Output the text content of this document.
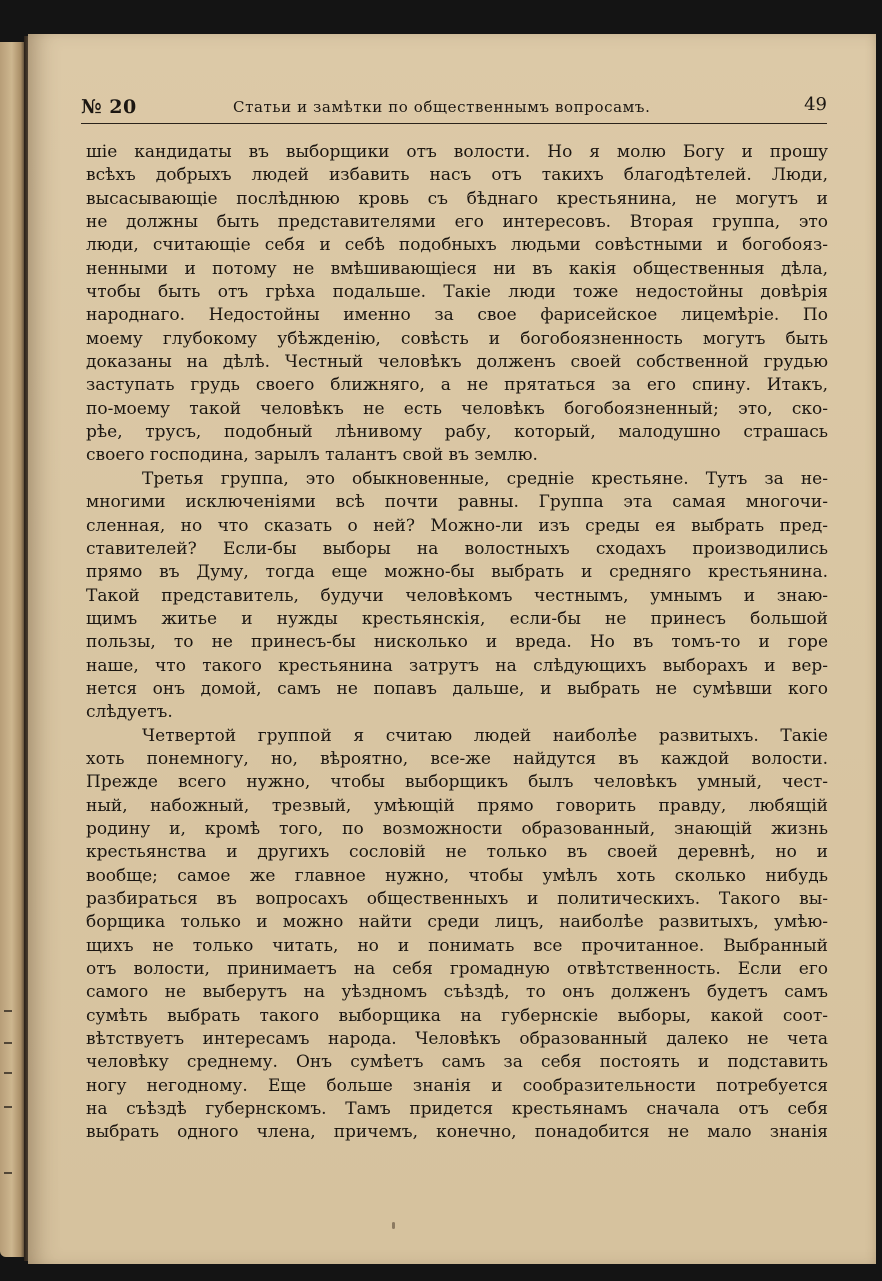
№ 20	Статьи и замѣтки по общественнымъ вопросамъ.	49
шіе кандидаты въ выборщики отъ волости. Но я молю Богу и прошу
всѣхъ добрыхъ людей избавить насъ отъ такихъ благодѣтелей. Люди,
высасывающіе послѣднюю кровь съ бѣднаго крестьянина, не могутъ и
не должны быть представителями его интересовъ. Вторая группа, это
люди, считающіе себя и себѣ подобныхъ людьми совѣстными и богобояз-
ненными и потому не вмѣшивающіеся ни въ какія общественныя дѣла,
чтобы быть отъ грѣха подальше. Такіе люди тоже недостойны довѣрія
народнаго. Недостойны именно за свое фарисейское лицемѣріе. По
моему глубокому убѣжденію, совѣсть и богобоязненность могутъ быть
доказаны на дѣлѣ. Честный человѣкъ долженъ своей собственной грудью
заступать грудь своего ближняго, а не прятаться за его спину. Итакъ,
по-моему такой человѣкъ не есть человѣкъ богобоязненный; это, ско-
рѣе, трусъ, подобный лѣнивому рабу, который, малодушно страшась
своего господина, зарылъ талантъ свой въ землю.
Третья группа, это обыкновенные, средніе крестьяне. Тутъ за не-
многими исключеніями всѣ почти равны. Группа эта самая многочи-
сленная, но что сказать о ней? Можно-ли изъ среды ея выбрать пред-
ставителей? Если-бы выборы на волостныхъ сходахъ производились
прямо въ Думу, тогда еще можно-бы выбрать и средняго крестьянина.
Такой представитель, будучи человѣкомъ честнымъ, умнымъ и знаю-
щимъ житье и нужды крестьянскія, если-бы не принесъ большой
пользы, то не принесъ-бы нисколько и вреда. Но въ томъ-то и горе
наше, что такого крестьянина затрутъ на слѣдующихъ выборахъ и вер-
нется онъ домой, самъ не попавъ дальше, и выбрать не сумѣвши кого
слѣдуетъ.
Четвертой группой я считаю людей наиболѣе развитыхъ. Такіе
хоть понемногу, но, вѣроятно, все-же найдутся въ каждой волости.
Прежде всего нужно, чтобы выборщикъ былъ человѣкъ умный, чест-
ный, набожный, трезвый, умѣющій прямо говорить правду, любящій
родину и, кромѣ того, по возможности образованный, знающій жизнь
крестьянства и другихъ сословій не только въ своей деревнѣ, но и
вообще; самое же главное нужно, чтобы умѣлъ хоть сколько нибудь
разбираться въ вопросахъ общественныхъ и политическихъ. Такого вы-
борщика только и можно найти среди лицъ, наиболѣе развитыхъ, умѣю-
щихъ не только читать, но и понимать все прочитанное. Выбранный
отъ волости, принимаетъ на себя громадную отвѣтственность. Если его
самого не выберутъ на уѣздномъ съѣздѣ, то онъ долженъ будетъ самъ
сумѣть выбрать такого выборщика на губернскіе выборы, какой соот-
вѣтствуетъ интересамъ народа. Человѣкъ образованный далеко не чета
человѣку среднему. Онъ сумѣетъ самъ за себя постоять и подставить
ногу негодному. Еще больше знанія и сообразительности потребуется
на съѣздѣ губернскомъ. Тамъ придется крестьянамъ сначала отъ себя
выбрать одного члена, причемъ, конечно, понадобится не мало знанія
